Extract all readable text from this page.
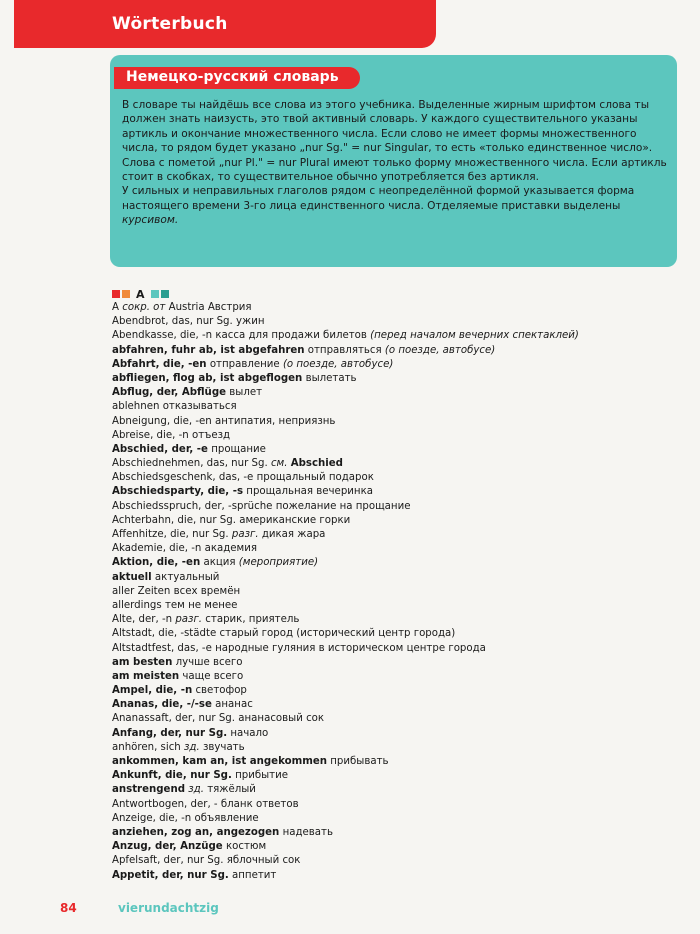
Wörterbuch
Немецко-русский словарь

В словаре ты найдёшь все слова из этого учебника. Выделенные жирным шрифтом слова ты должен знать наизусть, это твой активный словарь. У каждого существительного указаны артикль и окончание множественного числа. Если слово не имеет формы множественного числа, то рядом будет указано „nur Sg." = nur Singular, то есть «только единственное число». Слова с пометой „nur Pl." = nur Plural имеют только форму множественного числа. Если артикль стоит в скобках, то существительное обычно употребляется без артикля.

У сильных и неправильных глаголов рядом с неопределённой формой указывается форма настоящего времени 3-го лица единственного числа. Отделяемые приставки выделены курсивом.

A
A сокр. от Austria Австрия
Abendbrot, das, nur Sg. ужин
Abendkasse, die, -n касса для продажи билетов (перед началом вечерних спектаклей)
abfahren, fuhr ab, ist abgefahren отправляться (о поезде, автобусе)
Abfahrt, die, -en отправление (о поезде, автобусе)
abfliegen, flog ab, ist abgeflogen вылетать
Abflug, der, Abflüge вылет
ablehnen отказываться
Abneigung, die, -en антипатия, неприязнь
Abreise, die, -n отъезд
Abschied, der, -e прощание
Abschiednehmen, das, nur Sg. см. Abschied
Abschiedsgeschenk, das, -e прощальный подарок
Abschiedsparty, die, -s прощальная вечеринка
Abschiedsspruch, der, -sprüche пожелание на прощание
Achterbahn, die, nur Sg. американские горки
Affenhitze, die, nur Sg. разг. дикая жара
Akademie, die, -n академия
Aktion, die, -en акция (мероприятие)
aktuell актуальный
aller Zeiten всех времён
allerdings тем не менее
Alte, der, -n разг. старик, приятель
Altstadt, die, -städte старый город (исторический центр города)
Altstadtfest, das, -e народные гуляния в историческом центре города
am besten лучше всего
am meisten чаще всего
Ampel, die, -n светофор
Ananas, die, -/-se ананас
Ananassaft, der, nur Sg. ананасовый сок
Anfang, der, nur Sg. начало
anhören, sich зд. звучать
ankommen, kam an, ist angekommen прибывать
Ankunft, die, nur Sg. прибытие
anstrengend зд. тяжёлый
Antwortbogen, der, - бланк ответов
Anzeige, die, -n объявление
anziehen, zog an, angezogen надевать
Anzug, der, Anzüge костюм
Apfelsaft, der, nur Sg. яблочный сок
Appetit, der, nur Sg. аппетит
84	vierundachtzig
